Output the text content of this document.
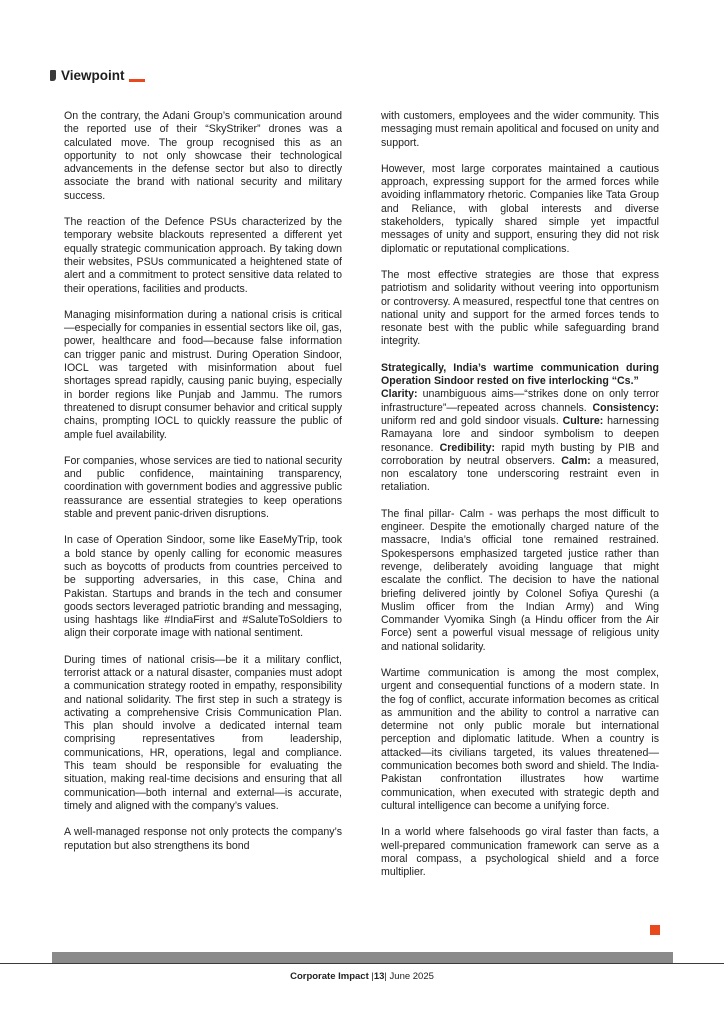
Viewpoint

On the contrary, the Adani Group’s communication around the reported use of their “SkyStriker” drones was a calculated move. The group recognised this as an opportunity to not only showcase their technological advancements in the defense sector but also to directly associate the brand with national security and military success.

The reaction of the Defence PSUs characterized by the temporary website blackouts represented a different yet equally strategic communication approach. By taking down their websites, PSUs communicated a heightened state of alert and a commitment to protect sensitive data related to their operations, facilities and products.

Managing misinformation during a national crisis is critical—especially for companies in essential sectors like oil, gas, power, healthcare and food—because false information can trigger panic and mistrust. During Operation Sindoor, IOCL was targeted with misinformation about fuel shortages spread rapidly, causing panic buying, especially in border regions like Punjab and Jammu. The rumors threatened to disrupt consumer behavior and critical supply chains, prompting IOCL to quickly reassure the public of ample fuel availability.

For companies, whose services are tied to national security and public confidence, maintaining transparency, coordination with government bodies and aggressive public reassurance are essential strategies to keep operations stable and prevent panic-driven disruptions.

In case of Operation Sindoor, some like EaseMyTrip, took a bold stance by openly calling for economic measures such as boycotts of products from countries perceived to be supporting adversaries, in this case, China and Pakistan. Startups and brands in the tech and consumer goods sectors leveraged patriotic branding and messaging, using hashtags like #IndiaFirst and #SaluteToSoldiers to align their corporate image with national sentiment.

During times of national crisis—be it a military conflict, terrorist attack or a natural disaster, companies must adopt a communication strategy rooted in empathy, responsibility and national solidarity. The first step in such a strategy is activating a comprehensive Crisis Communication Plan. This plan should involve a dedicated internal team comprising representatives from leadership, communications, HR, operations, legal and compliance. This team should be responsible for evaluating the situation, making real-time decisions and ensuring that all communication—both internal and external—is accurate, timely and aligned with the company’s values.

A well-managed response not only protects the company’s reputation but also strengthens its bond

with customers, employees and the wider community. This messaging must remain apolitical and focused on unity and support.

However, most large corporates maintained a cautious approach, expressing support for the armed forces while avoiding inflammatory rhetoric. Companies like Tata Group and Reliance, with global interests and diverse stakeholders, typically shared simple yet impactful messages of unity and support, ensuring they did not risk diplomatic or reputational complications.

The most effective strategies are those that express patriotism and solidarity without veering into opportunism or controversy. A measured, respectful tone that centres on national unity and support for the armed forces tends to resonate best with the public while safeguarding brand integrity.

Strategically, India’s wartime communication during Operation Sindoor rested on five interlocking “Cs.”
Clarity: unambiguous aims—“strikes done on only terror infrastructure”—repeated across channels. Consistency: uniform red and gold sindoor visuals. Culture: harnessing Ramayana lore and sindoor symbolism to deepen resonance. Credibility: rapid myth busting by PIB and corroboration by neutral observers. Calm: a measured, non escalatory tone underscoring restraint even in retaliation.

The final pillar- Calm - was perhaps the most difficult to engineer. Despite the emotionally charged nature of the massacre, India’s official tone remained restrained. Spokespersons emphasized targeted justice rather than revenge, deliberately avoiding language that might escalate the conflict. The decision to have the national briefing delivered jointly by Colonel Sofiya Qureshi (a Muslim officer from the Indian Army) and Wing Commander Vyomika Singh (a Hindu officer from the Air Force) sent a powerful visual message of religious unity and national solidarity.

Wartime communication is among the most complex, urgent and consequential functions of a modern state. In the fog of conflict, accurate information becomes as critical as ammunition and the ability to control a narrative can determine not only public morale but international perception and diplomatic latitude. When a country is attacked—its civilians targeted, its values threatened—communication becomes both sword and shield. The India-Pakistan confrontation illustrates how wartime communication, when executed with strategic depth and cultural intelligence can become a unifying force.

In a world where falsehoods go viral faster than facts, a well-prepared communication framework can serve as a moral compass, a psychological shield and a force multiplier.

Corporate Impact |13| June 2025
